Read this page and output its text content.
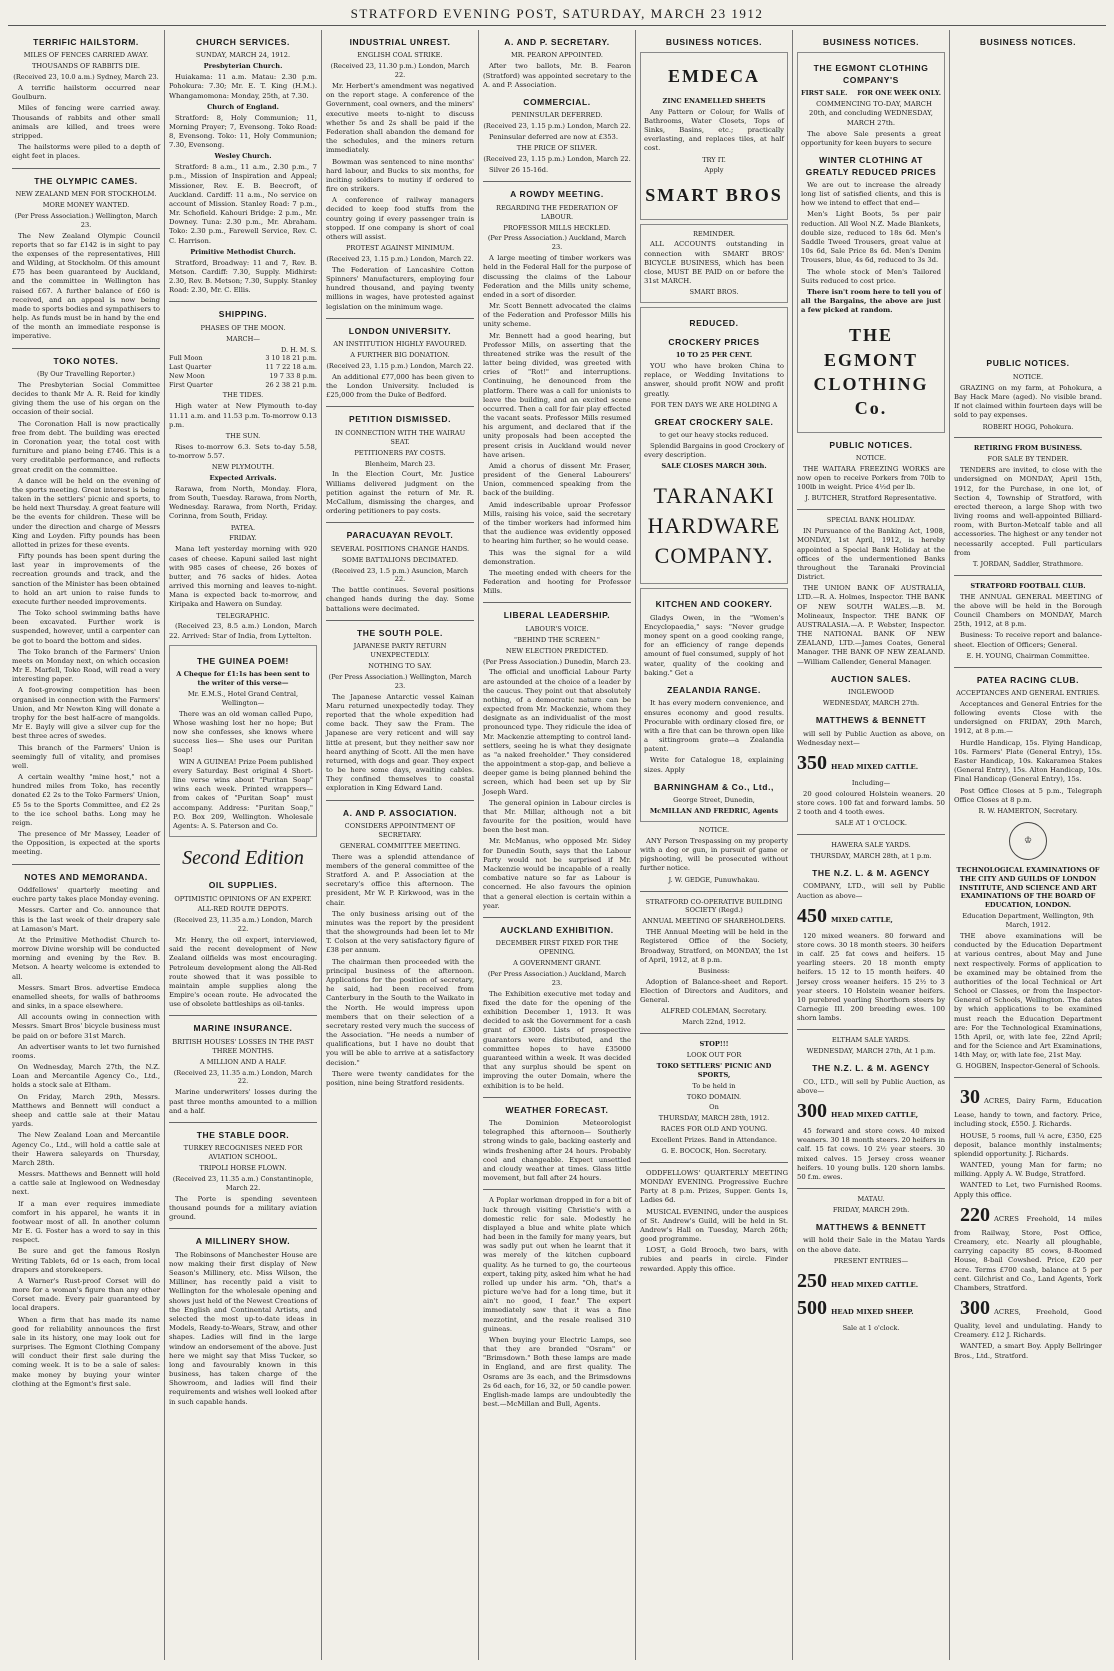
STRATFORD EVENING POST, SATURDAY, MARCH 23 1912
TERRIFIC HAILSTORM.
MILES OF FENCES CARRIED AWAY.
THOUSANDS OF RABBITS DIE.
(Received 23, 10.0 a.m.) Sydney, March 23.

A terrific hailstorm occurred near Goulburn.

Miles of fencing were carried away. Thousands of rabbits and other small animals are killed, and trees were stripped.

The hailstorms were piled to a depth of eight feet in places.

THE OLYMPIC CAMES.
NEW ZEALAND MEN FOR STOCKHOLM.
MORE MONEY WANTED.
(Per Press Association.) Wellington, March 23.

The New Zealand Olympic Council reports that so far £142 is in sight to pay the expenses of the representatives, Hill and Wilding, at Stockholm. Of this amount £75 has been guaranteed by Auckland, and the committee in Wellington has raised £67. A further balance of £60 is received, and an appeal is now being made to sports bodies and sympathisers to help. As funds must be in hand by the end of the month an immediate response is imperative.

TOKO NOTES.
(By Our Travelling Reporter.)

The Presbyterian Social Committee decides to thank Mr A. R. Reid for kindly giving them the use of his organ on the occasion of their social.

The Coronation Hall is now practically free from debt. The building was erected in Coronation year, the total cost with furniture and piano being £746. This is a very creditable performance, and reflects great credit on the committee.

A dance will be held on the evening of the sports meeting. Great interest is being taken in the settlers' picnic and sports, to be held next Thursday. A great feature will be the events for children. These will be under the direction and charge of Messrs King and Loyden. Fifty pounds has been allotted in prizes for these events.

Fifty pounds has been spent during the last year in improvements of the recreation grounds and track, and the sanction of the Minister has been obtained to hold an art union to raise funds to execute further needed improvements.

The Toko school swimming baths have been excavated. Further work is suspended, however, until a carpenter can be got to board the bottom and sides.

The Toko branch of the Farmers' Union meets on Monday next, on which occasion Mr E. Marfell, Toko Road, will read a very interesting paper.

A foot-growing competition has been organised in connection with the Farmers' Union, and Mr Newton King will donate a trophy for the best half-acre of mangolds. Mr E. Bayly will give a silver cup for the best three acres of swedes.

This branch of the Farmers' Union is seemingly full of vitality, and promises well.

A certain wealthy "mine host," not a hundred miles from Toko, has recently donated £2 2s to the Toko Farmers' Union, £5 5s to the Sports Committee, and £2 2s to the ice school baths. Long may he reign.

The presence of Mr Massey, Leader of the Opposition, is expected at the sports meeting.

NOTES AND MEMORANDA.

Oddfellows' quarterly meeting and euchre party takes place Monday evening.

Messrs. Carter and Co. announce that this is the last week of their drapery sale at Lamason's Mart.

At the Primitive Methodist Church to-morrow Divine worship will be conducted morning and evening by the Rev. B. Metson. A hearty welcome is extended to all.

Messrs. Smart Bros. advertise Emdeca enamelled sheets, for walls of bathrooms and sinks, in a space elsewhere.

All accounts owing in connection with Messrs. Smart Bros' bicycle business must be paid on or before 31st March.

An advertiser wants to let two furnished rooms.

On Wednesday, March 27th, the N.Z. Loan and Mercantile Agency Co., Ltd., holds a stock sale at Eltham.

On Friday, March 29th, Messrs. Matthews and Bennett will conduct a sheep and cattle sale at their Matau yards.

The New Zealand Loan and Mercantile Agency Co., Ltd., will hold a cattle sale at their Hawera saleyards on Thursday, March 28th.

Messrs. Matthews and Bennett will hold a cattle sale at Inglewood on Wednesday next.

If a man ever requires immediate comfort in his apparel, he wants it in footwear most of all. In another column Mr E. G. Foster has a word to say in this respect.

Be sure and get the famous Roslyn Writing Tablets, 6d or 1s each, from local drapers and storekeepers.

A Warner's Rust-proof Corset will do more for a woman's figure than any other Corset made. Every pair guaranteed by local drapers.

When a firm that has made its name good for reliability announces the first sale in its history, one may look out for surprises. The Egmont Clothing Company will conduct their first sale during the coming week. It is to be a sale of sales: make money by buying your winter clothing at the Egmont's first sale.

CHURCH SERVICES.
SUNDAY, MARCH 24, 1912.
Presbyterian Church.

Huiakama: 11 a.m. Matau: 2.30 p.m. Pohokura: 7.30; Mr. E. T. King (H.M.). Whangamomona: Monday, 25th, at 7.30.

Church of England.

Stratford: 8, Holy Communion; 11, Morning Prayer; 7, Evensong. Toko Road: 8, Evensong. Toko: 11, Holy Communion; 7.30, Evensong.

Wesley Church.

Stratford: 8 a.m., 11 a.m., 2.30 p.m., 7 p.m., Mission of Inspiration and Appeal; Missioner, Rev. E. B. Beecroft, of Auckland. Cardiff: 11 a.m., No service on account of Mission. Stanley Road: 7 p.m., Mr. Schofield. Kahouri Bridge: 2 p.m., Mr. Downey. Tuna: 2.30 p.m., Mr. Abraham. Toko: 2.30 p.m., Farewell Service, Rev. C. C. Harrison.

Primitive Methodist Church.

Stratford, Broadway: 11 and 7, Rev. B. Metson. Cardiff: 7.30, Supply. Midhirst: 2.30, Rev. B. Metson; 7.30, Supply. Stanley Road: 2.30, Mr. C. Ellis.

SHIPPING.
PHASES OF THE MOON.
MARCH—
D. H. M. S.
Full Moon	3 10 18 21 p.m.
Last Quarter	11 7 22 18 a.m.
New Moon	19 7 33 8 p.m.
First Quarter	26 2 38 21 p.m.
THE TIDES.

High water at New Plymouth to-day 11.11 a.m. and 11.53 p.m. To-morrow 0.13 p.m.

THE SUN.

Rises to-morrow 6.3. Sets to-day 5.58, to-morrow 5.57.

NEW PLYMOUTH.
Expected Arrivals.

Rarawa, from North, Monday. Flora, from South, Tuesday. Rarawa, from North, Wednesday. Rarawa, from North, Friday. Corinna, from South, Friday.

PATEA.
FRIDAY.

Mana left yesterday morning with 920 cases of cheese. Kapuni sailed last night with 985 cases of cheese, 26 boxes of butter, and 76 sacks of hides. Aotea arrived this morning and leaves to-night. Mana is expected back to-morrow, and Kiripaka and Hawera on Sunday.

TELEGRAPHIC.

(Received 23, 8.5 a.m.) London, March 22. Arrived: Star of India, from Lyttelton.

THE GUINEA POEM!
A Cheque for £1:1s has been sent to the writer of this verse—
Mr. E.M.S., Hotel Grand Central, Wellington—

There was an old woman called Pupo, Whose washing lost her no hope; But now she confesses, she knows where success lies— She uses our Puritan Soap!

WIN A GUINEA! Prize Poem published every Saturday. Best original 4 Short-line verse wins about "Puritan Soap" wins each week. Printed wrappers—from cakes of "Puritan Soap" must accompany. Address: "Puritan Soap," P.O. Box 209, Wellington. Wholesale Agents: A. S. Paterson and Co.

Second Edition
OIL SUPPLIES.
OPTIMISTIC OPINIONS OF AN EXPERT.
ALL-RED ROUTE DEPOTS.
(Received 23, 11.35 a.m.) London, March 22.

Mr. Henry, the oil expert, interviewed, said the recent development of New Zealand oilfields was most encouraging. Petroleum development along the All-Red route showed that it was possible to maintain ample supplies along the Empire's ocean route. He advocated the use of obsolete battleships as oil-tanks.

MARINE INSURANCE.
BRITISH HOUSES' LOSSES IN THE PAST THREE MONTHS.
A MILLION AND A HALF.
(Received 23, 11.35 a.m.) London, March 22.

Marine underwriters' losses during the past three months amounted to a million and a half.

THE STABLE DOOR.
TURKEY RECOGNISES NEED FOR AVIATION SCHOOL.
TRIPOLI HORSE FLOWN.
(Received 23, 11.35 a.m.) Constantinople, March 22.

The Porte is spending seventeen thousand pounds for a military aviation ground.

A MILLINERY SHOW.

The Robinsons of Manchester House are now making their first display of New Season's Millinery, etc. Miss Wilson, the Milliner, has recently paid a visit to Wellington for the wholesale opening and shows just held of the Newest Creations of the English and Continental Artists, and selected the most up-to-date ideas in Models, Ready-to-Wears, Straw, and other shapes. Ladies will find in the large window an endorsement of the above. Just here we might say that Miss Tucker, so long and favourably known in this business, has taken charge of the Showroom, and ladies will find their requirements and wishes well looked after in such capable hands.

INDUSTRIAL UNREST.
ENGLISH COAL STRIKE.
(Received 23, 11.30 p.m.) London, March 22.

Mr. Herbert's amendment was negatived on the report stage. A conference of the Government, coal owners, and the miners' executive meets to-night to discuss whether 5s and 2s shall be paid if the Federation shall abandon the demand for the schedules, and the miners return immediately.

Bowman was sentenced to nine months' hard labour, and Bucks to six months, for inciting soldiers to mutiny if ordered to fire on strikers.

A conference of railway managers decided to keep food stuffs from the country going if every passenger train is stopped. If one company is short of coal others will assist.

PROTEST AGAINST MINIMUM.
(Received 23, 1.15 p.m.) London, March 22.

The Federation of Lancashire Cotton Spinners' Manufacturers, employing four hundred thousand, and paying twenty millions in wages, have protested against legislation on the minimum wage.

LONDON UNIVERSITY.
AN INSTITUTION HIGHLY FAVOURED.
A FURTHER BIG DONATION.
(Received 23, 1.15 p.m.) London, March 22.

An additional £77,000 has been given to the London University. Included is £25,000 from the Duke of Bedford.

PETITION DISMISSED.
IN CONNECTION WITH THE WAIRAU SEAT.
PETITIONERS PAY COSTS.
Blenheim, March 23.

In the Election Court, Mr. Justice Williams delivered judgment on the petition against the return of Mr. R. McCallum, dismissing the charges, and ordering petitioners to pay costs.

PARACUAYAN REVOLT.
SEVERAL POSITIONS CHANGE HANDS.
SOME BATTALIONS DECIMATED.
(Received 23, 1.5 p.m.) Asuncion, March 22.

The battle continues. Several positions changed hands during the day. Some battalions were decimated.

THE SOUTH POLE.
JAPANESE PARTY RETURN UNEXPECTEDLY.
NOTHING TO SAY.
(Per Press Association.) Wellington, March 23.

The Japanese Antarctic vessel Kainan Maru returned unexpectedly today. They reported that the whole expedition had come back. They saw the Fram. The Japanese are very reticent and will say little at present, but they neither saw nor heard anything of Scott. All the men have returned, with dogs and gear. They expect to be here some days, awaiting cables. They confined themselves to coastal exploration in King Edward Land.

A. AND P. ASSOCIATION.
CONSIDERS APPOINTMENT OF SECRETARY.
GENERAL COMMITTEE MEETING.

There was a splendid attendance of members of the general committee of the Stratford A. and P. Association at the secretary's office this afternoon. The president, Mr W. P. Kirkwood, was in the chair.

The only business arising out of the minutes was the report by the president that the showgrounds had been let to Mr T. Colson at the very satisfactory figure of £38 per annum.

The chairman then proceeded with the principal business of the afternoon. Applications for the position of secretary, he said, had been received from Canterbury in the South to the Waikato in the North. He would impress upon members that on their selection of a secretary rested very much the success of the Association. "He needs a number of qualifications, but I have no doubt that you will be able to arrive at a satisfactory decision."

There were twenty candidates for the position, nine being Stratford residents.

A. AND P. SECRETARY.
MR. PEARON APPOINTED.

After two ballots, Mr. B. Fearon (Stratford) was appointed secretary to the A. and P. Association.

COMMERCIAL.
PENINSULAR DEFERRED.
(Received 23, 1.15 p.m.) London, March 22.

Peninsular deferred are now at £353.

THE PRICE OF SILVER.
(Received 23, 1.15 p.m.) London, March 22.

Silver 26 15-16d.

A ROWDY MEETING.
REGARDING THE FEDERATION OF LABOUR.
PROFESSOR MILLS HECKLED.
(Per Press Association.) Auckland, March 23.

A large meeting of timber workers was held in the Federal Hall for the purpose of discussing the claims of the Labour Federation and the Mills unity scheme, ended in a sort of disorder.

Mr. Scott Bennett advocated the claims of the Federation and Professor Mills his unity scheme.

Mr. Bennett had a good hearing, but Professor Mills, on asserting that the threatened strike was the result of the latter being divided, was greeted with cries of "Rot!" and interruptions. Continuing, he denounced from the platform. There was a call for unionists to leave the building, and an excited scene occurred. Then a call for fair play effected the vacant seats. Professor Mills resumed his argument, and declared that if the unity proposals had been accepted the present crisis in Auckland would never have arisen.

Amid a chorus of dissent Mr. Fraser, president of the General Labourers' Union, commenced speaking from the back of the building.

Amid indescribable uproar Professor Mills, raising his voice, said the secretary of the timber workers had informed him that the audience was evidently opposed to hearing him further, so he would cease.

This was the signal for a wild demonstration.

The meeting ended with cheers for the Federation and hooting for Professor Mills.

LIBERAL LEADERSHIP.
LABOUR'S VOICE.
"BEHIND THE SCREEN."
NEW ELECTION PREDICTED.
(Per Press Association.) Dunedin, March 23.

The official and unofficial Labour Party are astounded at the choice of a leader by the caucus. They point out that absolutely nothing, of a democratic nature can be expected from Mr. Mackenzie, whom they designate as an individualist of the most pronounced type. They ridicule the idea of Mr. Mackenzie attempting to control land-settlers, seeing he is what they designate as "a naked freeholder." They considered the appointment a stop-gap, and believe a deeper game is being planned behind the screen, which had been set up by Sir Joseph Ward.

The general opinion in Labour circles is that Mr. Millar, although not a bit favourite for the position, would have been the best man.

Mr. McManus, who opposed Mr. Sidey for Dunedin South, says that the Labour Party would not be surprised if Mr. Mackenzie would be incapable of a really combative nature so far as Labour is concerned. He also favours the opinion that a general election is certain within a year.

AUCKLAND EXHIBITION.
DECEMBER FIRST FIXED FOR THE OPENING.
A GOVERNMENT GRANT.
(Per Press Association.) Auckland, March 23.

The Exhibition executive met today and fixed the date for the opening of the exhibition December 1, 1913. It was decided to ask the Government for a cash grant of £3000. Lists of prospective guarantors were distributed, and the committee hopes to have £35000 guaranteed within a week. It was decided that any surplus should be spent on improving the outer Domain, where the exhibition is to be held.

WEATHER FORECAST.

The Dominion Meteorologist telegraphed this afternoon— Southerly strong winds to gale, backing easterly and winds freshening after 24 hours. Probably cool and changeable. Expect unsettled and cloudy weather at times. Glass little movement, but fall after 24 hours.

A Poplar workman dropped in for a bit of luck through visiting Christie's with a domestic relic for sale. Modestly he displayed a blue and white plate which had been in the family for many years, but was sadly put out when he learnt that it was merely of the kitchen cupboard quality. As he turned to go, the courteous expert, taking pity, asked him what he had rolled up under his arm. "Oh, that's a picture we've had for a long time, but it ain't no good, I fear." The expert immediately saw that it was a fine mezzotint, and the resale realised 310 guineas.

When buying your Electric Lamps, see that they are branded "Osram" or "Brimsdown." Both these lamps are made in England, and are first quality. The Osrams are 3s each, and the Brimsdowns 2s 6d each, for 16, 32, or 50 candle power. English-made lamps are undoubtedly the best.—McMillan and Bull, Agents.

BUSINESS NOTICES.
EMDECA
ZINC ENAMELLED SHEETS

Any Pattern or Colour, for Walls of Bathrooms, Water Closets, Tops of Sinks, Basins, etc.; practically everlasting, and replaces tiles, at half cost.

TRY IT.
Apply
SMART BROS
REMINDER.

ALL ACCOUNTS outstanding in connection with SMART BROS' BICYCLE BUSINESS, which has been close, MUST BE PAID on or before the 31st MARCH.

SMART BROS.
REDUCED.
CROCKERY PRICES
10 TO 25 PER CENT.

YOU who have broken China to replace, or Wedding Invitations to answer, should profit NOW and profit greatly.

FOR TEN DAYS WE ARE HOLDING A
GREAT CROCKERY SALE.
to get our heavy stocks reduced.

Splendid Bargains in good Crockery of every description.

SALE CLOSES MARCH 30th.
TARANAKI
HARDWARE
COMPANY.
KITCHEN AND COOKERY.

Gladys Owen, in the "Women's Encyclopaedia," says: "Never grudge money spent on a good cooking range, for an efficiency of range depends amount of fuel consumed, supply of hot water, quality of the cooking and baking." Get a

ZEALANDIA RANGE.

It has every modern convenience, and ensures economy and good results. Procurable with ordinary closed fire, or with a fire that can be thrown open like a sittingroom grate—a Zealandia patent.

Write for Catalogue 18, explaining sizes. Apply

BARNINGHAM & Co., Ltd.,
George Street, Dunedin,
McMILLAN AND FREDRIC, Agents
NOTICE.

ANY Person Trespassing on my property with a dog or gun, in pursuit of game or pigshooting, will be prosecuted without further notice.

J. W. GEDGE, Punuwhakau.
STRATFORD CO-OPERATIVE BUILDING SOCIETY (Regd.)
ANNUAL MEETING OF SHAREHOLDERS.

THE Annual Meeting will be held in the Registered Office of the Society, Broadway, Stratford, on MONDAY, the 1st of April, 1912, at 8 p.m.

Business:

Adoption of Balance-sheet and Report. Election of Directors and Auditors, and General.

ALFRED COLEMAN, Secretary.
March 22nd, 1912.
STOP!!!
LOOK OUT FOR
TOKO SETTLERS' PICNIC AND SPORTS,
To be held in
TOKO DOMAIN.
On
THURSDAY, MARCH 28th, 1912.
RACES FOR OLD AND YOUNG.
Excellent Prizes. Band in Attendance.
G. E. BOCOCK, Hon. Secretary.

ODDFELLOWS' QUARTERLY MEETING MONDAY EVENING. Progressive Euchre Party at 8 p.m. Prizes, Supper. Gents 1s, Ladies 6d.

MUSICAL EVENING, under the auspices of St. Andrew's Guild, will be held in St. Andrew's Hall on Tuesday, March 26th; good programme.

LOST, a Gold Brooch, two bars, with rubies and pearls in circle. Finder rewarded. Apply this office.

BUSINESS NOTICES.
THE EGMONT CLOTHING COMPANY'S
FIRST SALE. FOR ONE WEEK ONLY.

COMMENCING TO-DAY, MARCH 20th, and concluding WEDNESDAY, MARCH 27th.

The above Sale presents a great opportunity for keen buyers to secure

WINTER CLOTHING AT GREATLY REDUCED PRICES

We are out to increase the already long list of satisfied clients, and this is how we intend to effect that end—

Men's Light Boots, 5s per pair reduction. All Wool N.Z. Made Blankets, double size, reduced to 18s 6d. Men's Saddle Tweed Trousers, great value at 10s 6d, Sale Price 8s 6d. Men's Denim Trousers, blue, 4s 6d, reduced to 3s 3d.

The whole stock of Men's Tailored Suits reduced to cost price.

There isn't room here to tell you of all the Bargains, the above are just a few picked at random.

THE EGMONT CLOTHING Co.
PUBLIC NOTICES.
NOTICE.

THE WAITARA FREEZING WORKS are now open to receive Porkers from 70lb to 100lb in weight. Price 4½d per lb.

J. BUTCHER, Stratford Representative.
SPECIAL BANK HOLIDAY.

IN Pursuance of the Banking Act, 1908, MONDAY, 1st April, 1912, is hereby appointed a Special Bank Holiday at the offices of the undermentioned Banks throughout the Taranaki Provincial District.

THE UNION BANK OF AUSTRALIA, LTD.—R. A. Holmes, Inspector. THE BANK OF NEW SOUTH WALES.—B. M. Molineaux, Inspector. THE BANK OF AUSTRALASIA.—A. P. Webster, Inspector. THE NATIONAL BANK OF NEW ZEALAND, LTD.—James Coates, General Manager. THE BANK OF NEW ZEALAND.—William Callender, General Manager.

AUCTION SALES.
INGLEWOOD
WEDNESDAY, MARCH 27th.
MATTHEWS & BENNETT

will sell by Public Auction as above, on Wednesday next—

350 HEAD MIXED CATTLE.
Including—

20 good coloured Holstein weaners. 20 store cows. 100 fat and forward lambs. 50 2 tooth and 4 tooth ewes.

SALE AT 1 O'CLOCK.
HAWERA SALE YARDS.
THURSDAY, MARCH 28th, at 1 p.m.
THE N.Z. L. & M. AGENCY

COMPANY, LTD., will sell by Public Auction as above—

450 MIXED CATTLE,

120 mixed weaners. 80 forward and store cows. 30 18 month steers. 30 heifers in calf. 25 fat cows and heifers. 15 yearling steers. 20 18 month empty heifers. 15 12 to 15 month heifers. 40 Jersey cross weaner heifers. 15 2½ to 3 year steers. 10 Holstein weaner heifers. 10 purebred yearling Shorthorn steers by Carnegie III. 200 breeding ewes. 100 shorn lambs.

ELTHAM SALE YARDS.
WEDNESDAY, MARCH 27th, At 1 p.m.
THE N.Z. L. & M. AGENCY

CO., LTD., will sell by Public Auction, as above—

300 HEAD MIXED CATTLE,

45 forward and store cows. 40 mixed weaners. 30 18 month steers. 20 heifers in calf. 15 fat cows. 10 2½ year steers. 30 mixed calves. 15 Jersey cross weaner heifers. 10 young bulls. 120 shorn lambs. 50 f.m. ewes.

MATAU.
FRIDAY, MARCH 29th.
MATTHEWS & BENNETT

will hold their Sale in the Matau Yards on the above date.

PRESENT ENTRIES—
250 HEAD MIXED CATTLE.
500 HEAD MIXED SHEEP.
Sale at 1 o'clock.
BUSINESS NOTICES.
PUBLIC NOTICES.
NOTICE.

GRAZING on my farm, at Pohokura, a Bay Hack Mare (aged). No visible brand. If not claimed within fourteen days will be sold to pay expenses.

ROBERT HOGG, Pohokura.
RETIRING FROM BUSINESS.
FOR SALE BY TENDER.

TENDERS are invited, to close with the undersigned on MONDAY, April 15th, 1912, for the Purchase, in one lot, of Section 4, Township of Stratford, with erected thereon, a large Shop with two living rooms and well-appointed Billiard-room, with Burton-Metcalf table and all accessories. The highest or any tender not necessarily accepted. Full particulars from

T. JORDAN, Saddler, Strathmore.
STRATFORD FOOTBALL CLUB.

THE ANNUAL GENERAL MEETING of the above will be held in the Borough Council Chambers on MONDAY, March 25th, 1912, at 8 p.m.

Business: To receive report and balance-sheet. Election of Officers; General.

E. H. YOUNG, Chairman Committee.
PATEA RACING CLUB.
ACCEPTANCES AND GENERAL ENTRIES.

Acceptances and General Entries for the following events Close with the undersigned on FRIDAY, 29th March, 1912, at 8 p.m.—

Hurdle Handicap, 15s. Flying Handicap, 10s. Farmers' Plate (General Entry), 15s. Easter Handicap, 10s. Kakaramea Stakes (General Entry), 15s. Alton Handicap, 10s. Final Handicap (General Entry), 15s.

Post Office Closes at 5 p.m., Telegraph Office Closes at 8 p.m.

R. W. HAMERTON, Secretary.
♔
TECHNOLOGICAL EXAMINATIONS OF THE CITY AND GUILDS OF LONDON INSTITUTE, AND SCIENCE AND ART EXAMINATIONS OF THE BOARD OF EDUCATION, LONDON.
Education Department, Wellington, 9th March, 1912.

THE above examinations will be conducted by the Education Department at various centres, about May and June next respectively. Forms of application to be examined may be obtained from the authorities of the local Technical or Art School or Classes, or from the Inspector-General of Schools, Wellington. The dates by which applications to be examined must reach the Education Department are: For the Technological Examinations, 15th April, or, with late fee, 22nd April; and for the Science and Art Examinations, 14th May, or, with late fee, 21st May.

G. HOGBEN, Inspector-General of Schools.

30 ACRES, Dairy Farm, Education Lease, handy to town, and factory. Price, including stock, £550. J. Richards.

HOUSE, 5 rooms, full ¼ acre, £350, £25 deposit, balance monthly instalments; splendid opportunity. J. Richards.

WANTED, young Man for farm; no milking. Apply A. W. Budge, Stratford.

WANTED to Let, two Furnished Rooms. Apply this office.

220 ACRES Freehold, 14 miles from Railway, Store, Post Office, Creamery, etc. Nearly all ploughable, carrying capacity 85 cows, 8-Roomed House, 8-bail Cowshed. Price, £20 per acre. Terms £700 cash, balance at 5 per cent. Gilchrist and Co., Land Agents, York Chambers, Stratford.

300 ACRES, Freehold, Good Quality, level and undulating. Handy to Creamery. £12 J. Richards.

WANTED, a smart Boy. Apply Bellringer Bros., Ltd., Stratford.
